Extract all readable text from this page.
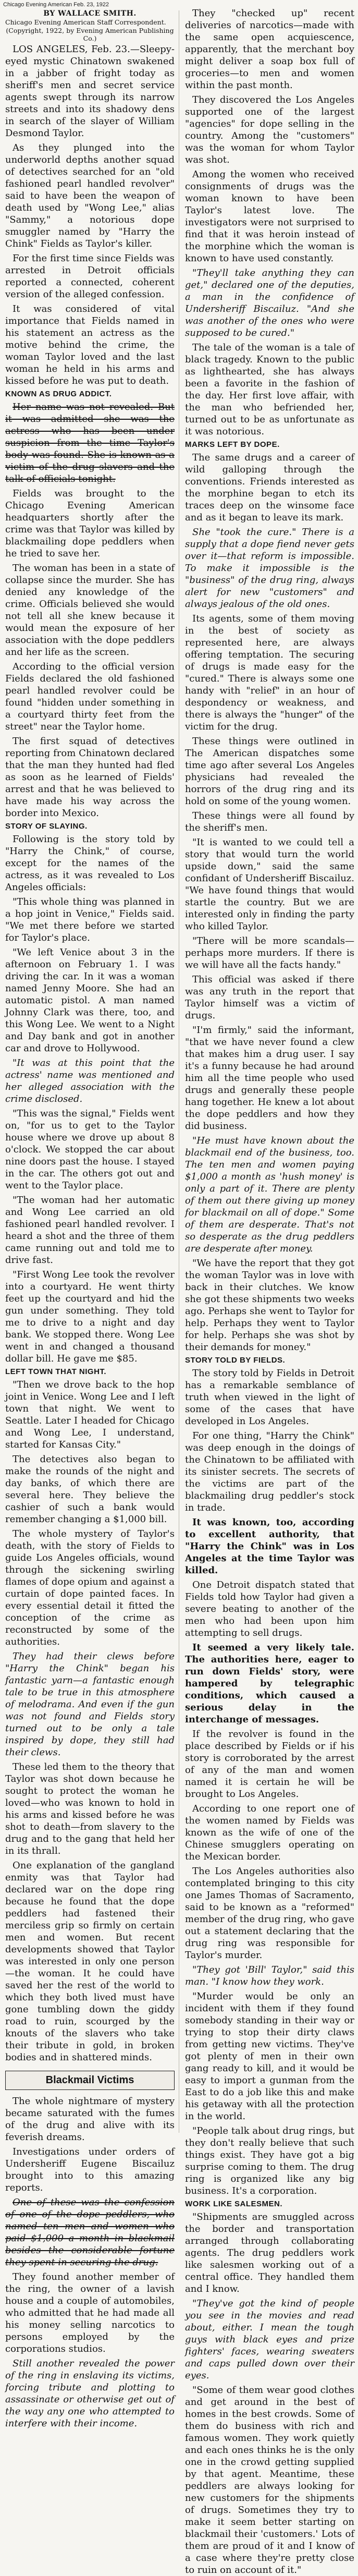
Chicago Evening American Feb. 23, 1922
BY WALLACE SMITH.
Chicago Evening American Staff Correspondent.
(Copyright, 1922, by Evening American Publishing Co.)

LOS ANGELES, Feb. 23.—Sleepy-eyed mystic Chinatown swakened in a jabber of fright today as sheriff's men and secret service agents swept through its narrow streets and into its shadowy dens in search of the slayer of William Desmond Taylor.

As they plunged into the underworld depths another squad of detectives searched for an "old fashioned pearl handled revolver" said to have been the weapon of death used by "Wong Lee," alias "Sammy," a notorious dope smuggler named by "Harry the Chink" Fields as Taylor's killer.

For the first time since Fields was arrested in Detroit officials reported a connected, coherent version of the alleged confession.

It was considered of vital importance that Fields named in his statement an actress as the motive behind the crime, the woman Taylor loved and the last woman he held in his arms and kissed before he was put to death.

KNOWN AS DRUG ADDICT.

Her name was not revealed. But it was admitted she was the actress who has been under suspicion from the time Taylor's body was found. She is known as a victim of the drug slavers and the talk of officials tonight.

Fields was brought to the Chicago Evening American headquarters shortly after the crime was that Taylor was killed by blackmailing dope peddlers when he tried to save her.

The woman has been in a state of collapse since the murder. She has denied any knowledge of the crime. Officials believed she would not tell all she knew because it would mean the exposure of her association with the dope peddlers and her life as the screen.

According to the official version Fields declared the old fashioned pearl handled revolver could be found "hidden under something in a courtyard thirty feet from the street" near the Taylor home.

The first squad of detectives reporting from Chinatown declared that the man they hunted had fled as soon as he learned of Fields' arrest and that he was believed to have made his way across the border into Mexico.

STORY OF SLAYING.

Following is the story told by "Harry the Chink," of course, except for the names of the actress, as it was revealed to Los Angeles officials:

"This whole thing was planned in a hop joint in Venice," Fields said. "We met there before we started for Taylor's place.

"We left Venice about 3 in the afternoon on February 1. I was driving the car. In it was a woman named Jenny Moore. She had an automatic pistol. A man named Johnny Clark was there, too, and this Wong Lee. We went to a Night and Day bank and got in another car and drove to Hollywood.

"It was at this point that the actress' name was mentioned and her alleged association with the crime disclosed.

"This was the signal," Fields went on, "for us to get to the Taylor house where we drove up about 8 o'clock. We stopped the car about nine doors past the house. I stayed in the car. The others got out and went to the Taylor place.

"The woman had her automatic and Wong Lee carried an old fashioned pearl handled revolver. I heard a shot and the three of them came running out and told me to drive fast.

"First Wong Lee took the revolver into a courtyard. He went thirty feet up the courtyard and hid the gun under something. They told me to drive to a night and day bank. We stopped there. Wong Lee went in and changed a thousand dollar bill. He gave me $85.

LEFT TOWN THAT NIGHT.

"Then we drove back to the hop joint in Venice. Wong Lee and I left town that night. We went to Seattle. Later I headed for Chicago and Wong Lee, I understand, started for Kansas City."

The detectives also began to make the rounds of the night and day banks, of which there are several here. They believe the cashier of such a bank would remember changing a $1,000 bill.

The whole mystery of Taylor's death, with the story of Fields to guide Los Angeles officials, wound through the sickening swirling flames of dope opium and against a curtain of dope painted faces. In every essential detail it fitted the conception of the crime as reconstructed by some of the authorities.

They had their clews before "Harry the Chink" began his fantastic yarn—a fantastic enough tale to be true in this atmosphere of melodrama. And even if the gun was not found and Fields story turned out to be only a tale inspired by dope, they still had their clews.

These led them to the theory that Taylor was shot down because he sought to protect the woman he loved—who was known to hold in his arms and kissed before he was shot to death—from slavery to the drug and to the gang that held her in its thrall.

One explanation of the gangland enmity was that Taylor had declared war on the dope ring because he found that the dope peddlers had fastened their merciless grip so firmly on certain men and women. But recent developments showed that Taylor was interested in only one person—the woman. It he could have saved her the rest of the world to which they both lived must have gone tumbling down the giddy road to ruin, scourged by the knouts of the slavers who take their tribute in gold, in broken bodies and in shattered minds.

Blackmail Victims

The whole nightmare of mystery became saturated with the fumes of the drug and alive with its feverish dreams.

Investigations under orders of Undersheriff Eugene Biscailuz brought into to this amazing reports.

One of these was the confession of one of the dope peddlers, who named ten men and women who paid $1,000 a month in blackmail besides the considerable fortune they spent in securing the drug.

They found another member of the ring, the owner of a lavish house and a couple of automobiles, who admitted that he had made all his money selling narcotics to persons employed by the corporations studios.

Still another revealed the power of the ring in enslaving its victims, forcing tribute and plotting to assassinate or otherwise get out of the way any one who attempted to interfere with their income.

They "checked up" recent deliveries of narcotics—made with the same open acquiescence, apparently, that the merchant boy might deliver a soap box full of groceries—to men and women within the past month.

They discovered the Los Angeles supported one of the largest "agencies" for dope selling in the country. Among the "customers" was the woman for whom Taylor was shot.

Among the women who received consignments of drugs was the woman known to have been Taylor's latest love. The investigators were not surprised to find that it was heroin instead of the morphine which the woman is known to have used constantly.

"They'll take anything they can get," declared one of the deputies, a man in the confidence of Undersheriff Biscailuz. "And she was another of the ones who were supposed to be cured."

The tale of the woman is a tale of black tragedy. Known to the public as lighthearted, she has always been a favorite in the fashion of the day. Her first love affair, with the man who befriended her, turned out to be as unfortunate as it was notorious.

MARKS LEFT BY DOPE.

The same drugs and a career of wild galloping through the conventions. Friends interested as the morphine began to etch its traces deep on the winsome face and as it began to leave its mark.

She "took the cure." There is a supply that a dope fiend never gets over it—that reform is impossible. To make it impossible is the "business" of the drug ring, always alert for new "customers" and always jealous of the old ones.

Its agents, some of them moving in the best of society as represented here, are always offering temptation. The securing of drugs is made easy for the "cured." There is always some one handy with "relief" in an hour of despondency or weakness, and there is always the "hunger" of the victim for the drug.

These things were outlined in The American dispatches some time ago after several Los Angeles physicians had revealed the horrors of the drug ring and its hold on some of the young women.

These things were all found by the sheriff's men.

"It is wanted to we could tell a story that would turn the world upside down," said the same confidant of Undersheriff Biscailuz. "We have found things that would startle the country. But we are interested only in finding the party who killed Taylor.

"There will be more scandals—perhaps more murders. If there is we will have all the facts handy."

This official was asked if there was any truth in the report that Taylor himself was a victim of drugs.

"I'm firmly," said the informant, "that we have never found a clew that makes him a drug user. I say it's a funny because he had around him all the time people who used drugs and generally these people hang together. He knew a lot about the dope peddlers and how they did business.

"He must have known about the blackmail end of the business, too. The ten men and women paying $1,000 a month as 'hush money' is only a part of it. There are plenty of them out there giving up money for blackmail on all of dope." Some of them are desperate. That's not so desperate as the drug peddlers are desperate after money.

"We have the report that they got the woman Taylor was in love with back in their clutches. We know she got these shipments two weeks ago. Perhaps she went to Taylor for help. Perhaps they went to Taylor for help. Perhaps she was shot by their demands for money."

STORY TOLD BY FIELDS.

The story told by Fields in Detroit has a remarkable semblance of truth when viewed in the light of some of the cases that have developed in Los Angeles.

For one thing, "Harry the Chink" was deep enough in the doings of the Chinatown to be affiliated with its sinister secrets. The secrets of the victims are part of the blackmailing drug peddler's stock in trade.

It was known, too, according to excellent authority, that "Harry the Chink" was in Los Angeles at the time Taylor was killed.

One Detroit dispatch stated that Fields told how Taylor had given a severe beating to another of the men who had been upon him attempting to sell drugs.

It seemed a very likely tale. The authorities here, eager to run down Fields' story, were hampered by telegraphic conditions, which caused a serious delay in the interchange of messages.

If the revolver is found in the place described by Fields or if his story is corroborated by the arrest of any of the man and women named it is certain he will be brought to Los Angeles.

According to one report one of the women named by Fields was known as the wife of one of the Chinese smugglers operating on the Mexican border.

The Los Angeles authorities also contemplated bringing to this city one James Thomas of Sacramento, said to be known as a "reformed" member of the drug ring, who gave out a statement declaring that the drug ring was responsible for Taylor's murder.

"They got 'Bill' Taylor," said this man. "I know how they work.

"Murder would be only an incident with them if they found somebody standing in their way or trying to stop their dirty claws from getting new victims. They've got plenty of men in their own gang ready to kill, and it would be easy to import a gunman from the East to do a job like this and make his getaway with all the protection in the world.

"People talk about drug rings, but they don't really believe that such things exist. They have got a big surprise coming to them. The drug ring is organized like any big business. It's a corporation.

WORK LIKE SALESMEN.

"Shipments are smuggled across the border and transportation arranged through collaborating agents. The drug peddlers work like salesmen working out of a central office. They handled them and I know.

"They've got the kind of people you see in the movies and read about, either. I mean the tough guys with black eyes and prize fighters' faces, wearing sweaters and caps pulled down over their eyes.

"Some of them wear good clothes and get around in the best of homes in the best crowds. Some of them do business with rich and famous women. They work quietly and each ones thinks he is the only one in the crowd getting supplied by that agent. Meantime, these peddlers are always looking for new customers for the shipments of drugs. Sometimes they try to make it seem better starting on blackmail their 'customers.' Lots of them are proud of it and I know of a case where they're pretty close to ruin on account of it."
